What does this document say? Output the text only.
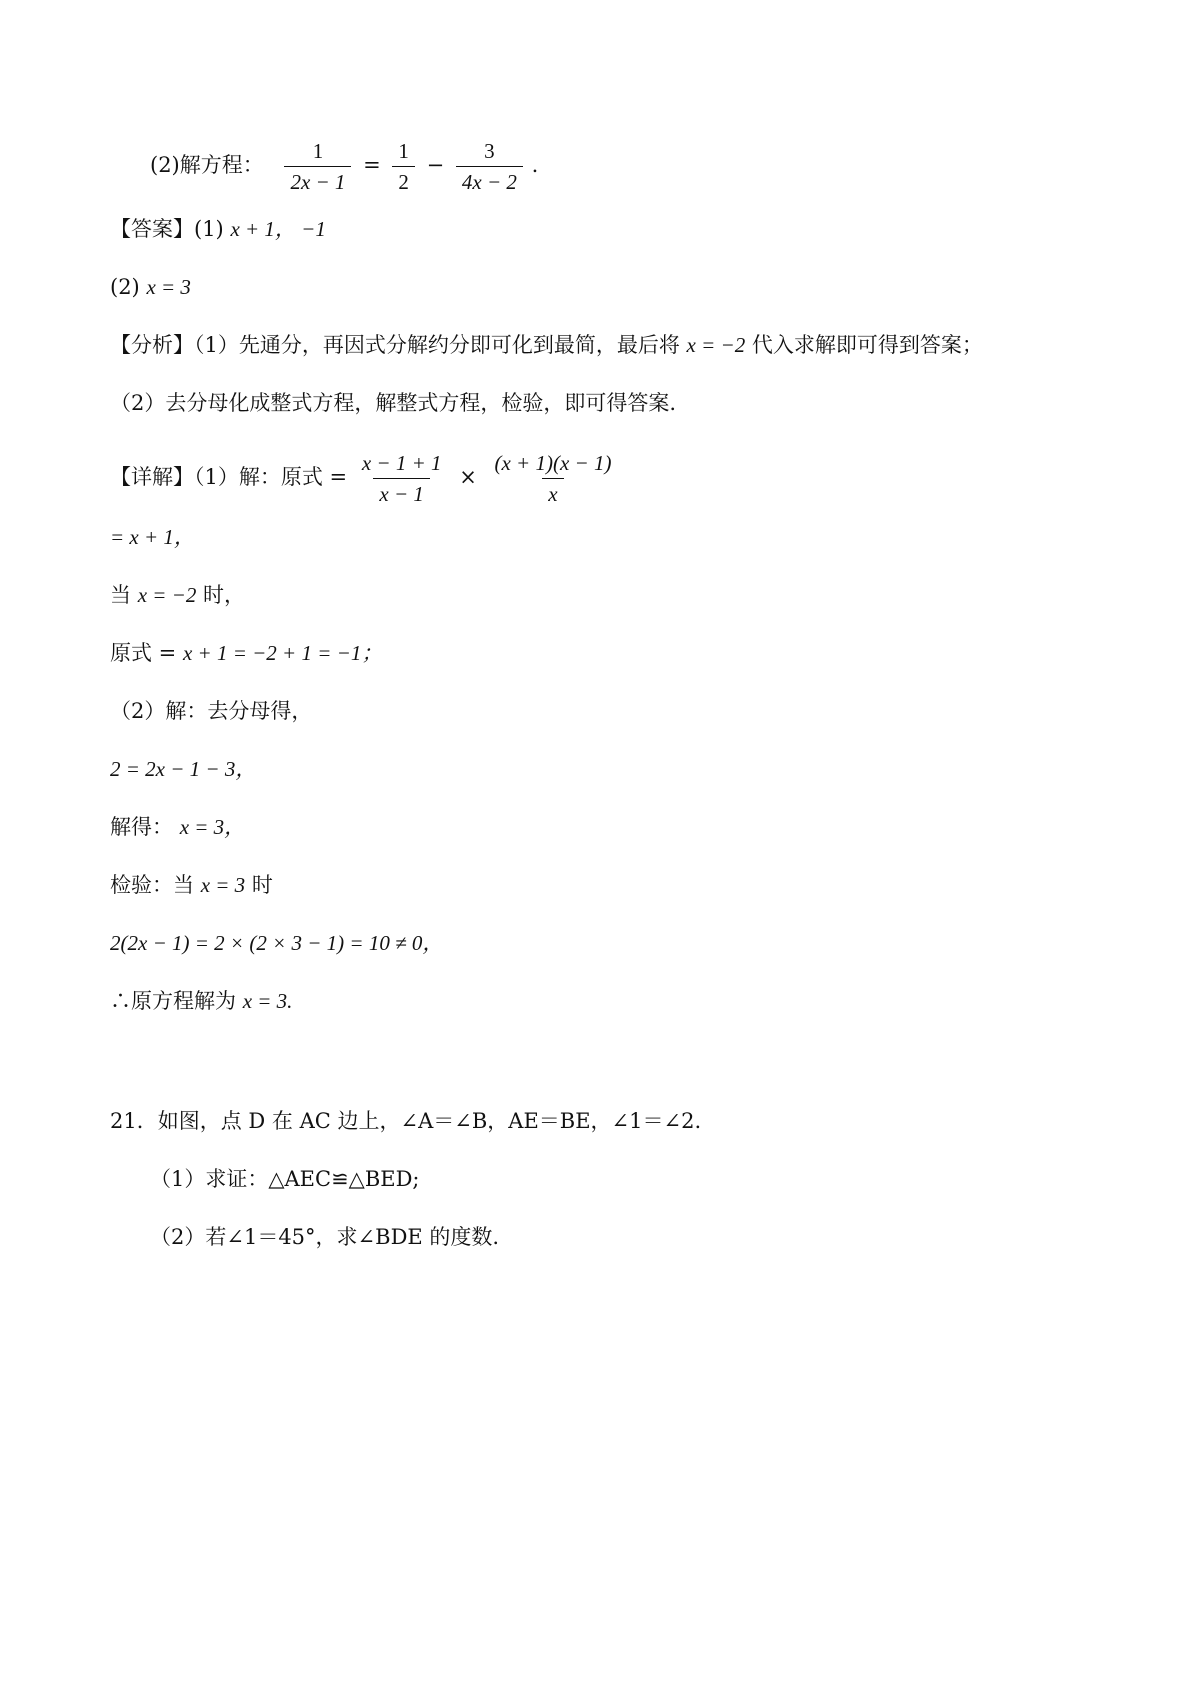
(2)解方程： $\frac{1}{2x - 1} = \frac{1}{2} - \frac{3}{4x - 2}$ .
【答案】(1) x + 1， −1
(2) x = 3
【分析】（1）先通分，再因式分解约分即可化到最简，最后将 x = −2 代入求解即可得到答案；
（2）去分母化成整式方程，解整式方程，检验，即可得答案.
【详解】（1）解：原式 = $\frac{x - 1 + 1}{x - 1} \times \frac{(x + 1)(x - 1)}{x}$
= x + 1，
当 x = −2 时，
原式 = x + 1 = −2 + 1 = −1；
（2）解：去分母得，
2 = 2x − 1 − 3，
解得： x = 3，
检验：当 x = 3 时
2(2x − 1) = 2 × (2 × 3 − 1) = 10 ≠ 0，
∴原方程解为 x = 3.
21．如图，点 D 在 AC 边上，∠A＝∠B，AE＝BE，∠1＝∠2.
（1）求证：△AEC≌△BED;
（2）若∠1＝45°，求∠BDE 的度数.
